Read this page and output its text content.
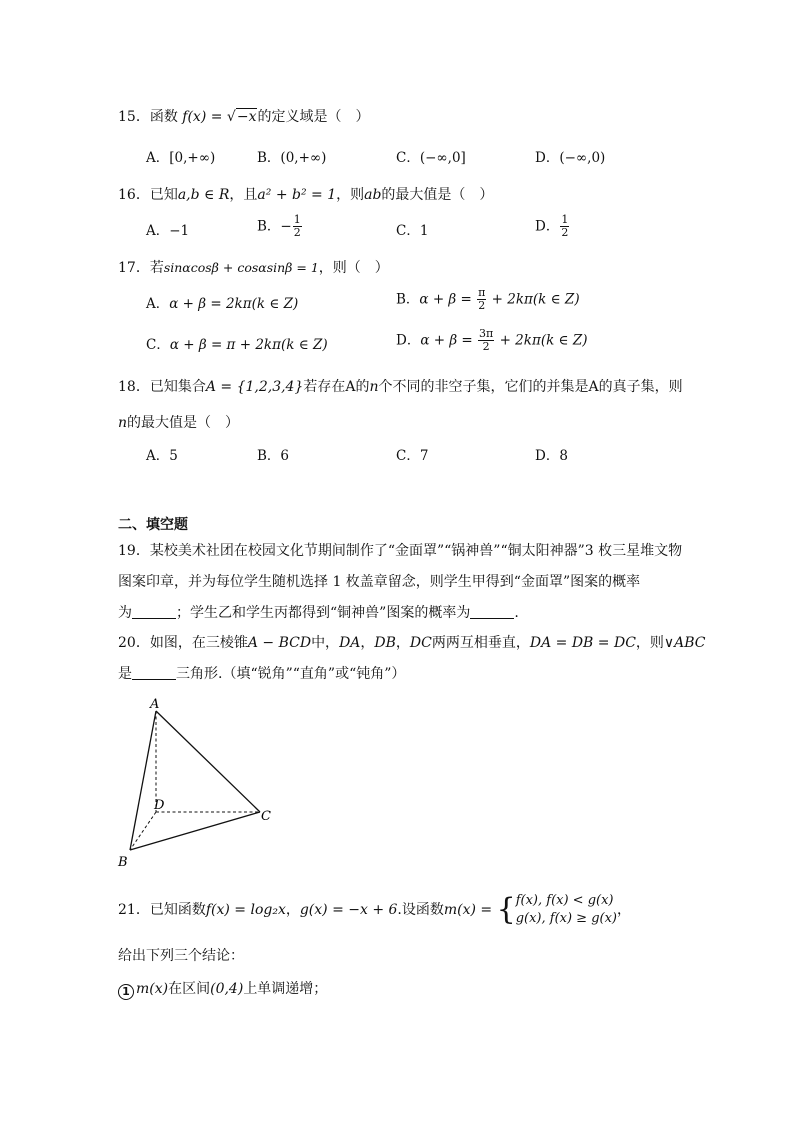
15．函数 f(x) = √−x的定义域是（　）
A．[0,+∞)	B．(0,+∞)	C．(−∞,0]	D．(−∞,0)
16．已知a,b ∈ R，且a² + b² = 1，则ab的最大值是（　）
A．−1	B．− $\frac{1}{2}$	C．1	D． $\frac{1}{2}$
17．若sinαcosβ + cosαsinβ = 1，则（　）
A．α + β = 2kπ(k ∈ Z)	B．$\alpha + \beta = \frac{\pi}{2} + 2k\pi(k$ ∈ Z)
C．α + β = π + 2kπ(k ∈ Z)	D．$\alpha + \beta = \frac{3\pi}{2} + 2k\pi(k$ ∈ Z)
18．已知集合A = {1,2,3,4}若存在A的n个不同的非空子集，它们的并集是A的真子集，则
n的最大值是（　）
A．5	B．6	C．7	D．8
二、填空题
19．某校美术社团在校园文化节期间制作了“金面罩”“锅神兽”“铜太阳神器”3 枚三星堆文物
图案印章，并为每位学生随机选择 1 枚盖章留念，则学生甲得到“金面罩”图案的概率
为	；学生乙和学生丙都得到“铜神兽”图案的概率为	.
20．如图，在三棱锥A − BCD中，DA，DB，DC两两互相垂直，DA = DB = DC，则∨ABC
是	三角形.（填“锐角”“直角”或“钝角”）
A
B
C
D
21．已知函数f(x) = log₂x，g(x) = −x + 6.设函数m(x) = { f(x), f(x) < g(x)
g(x), f(x) ≥ g(x)
，
给出下列三个结论：
1 m(x)在区间(0,4)上单调递增；
